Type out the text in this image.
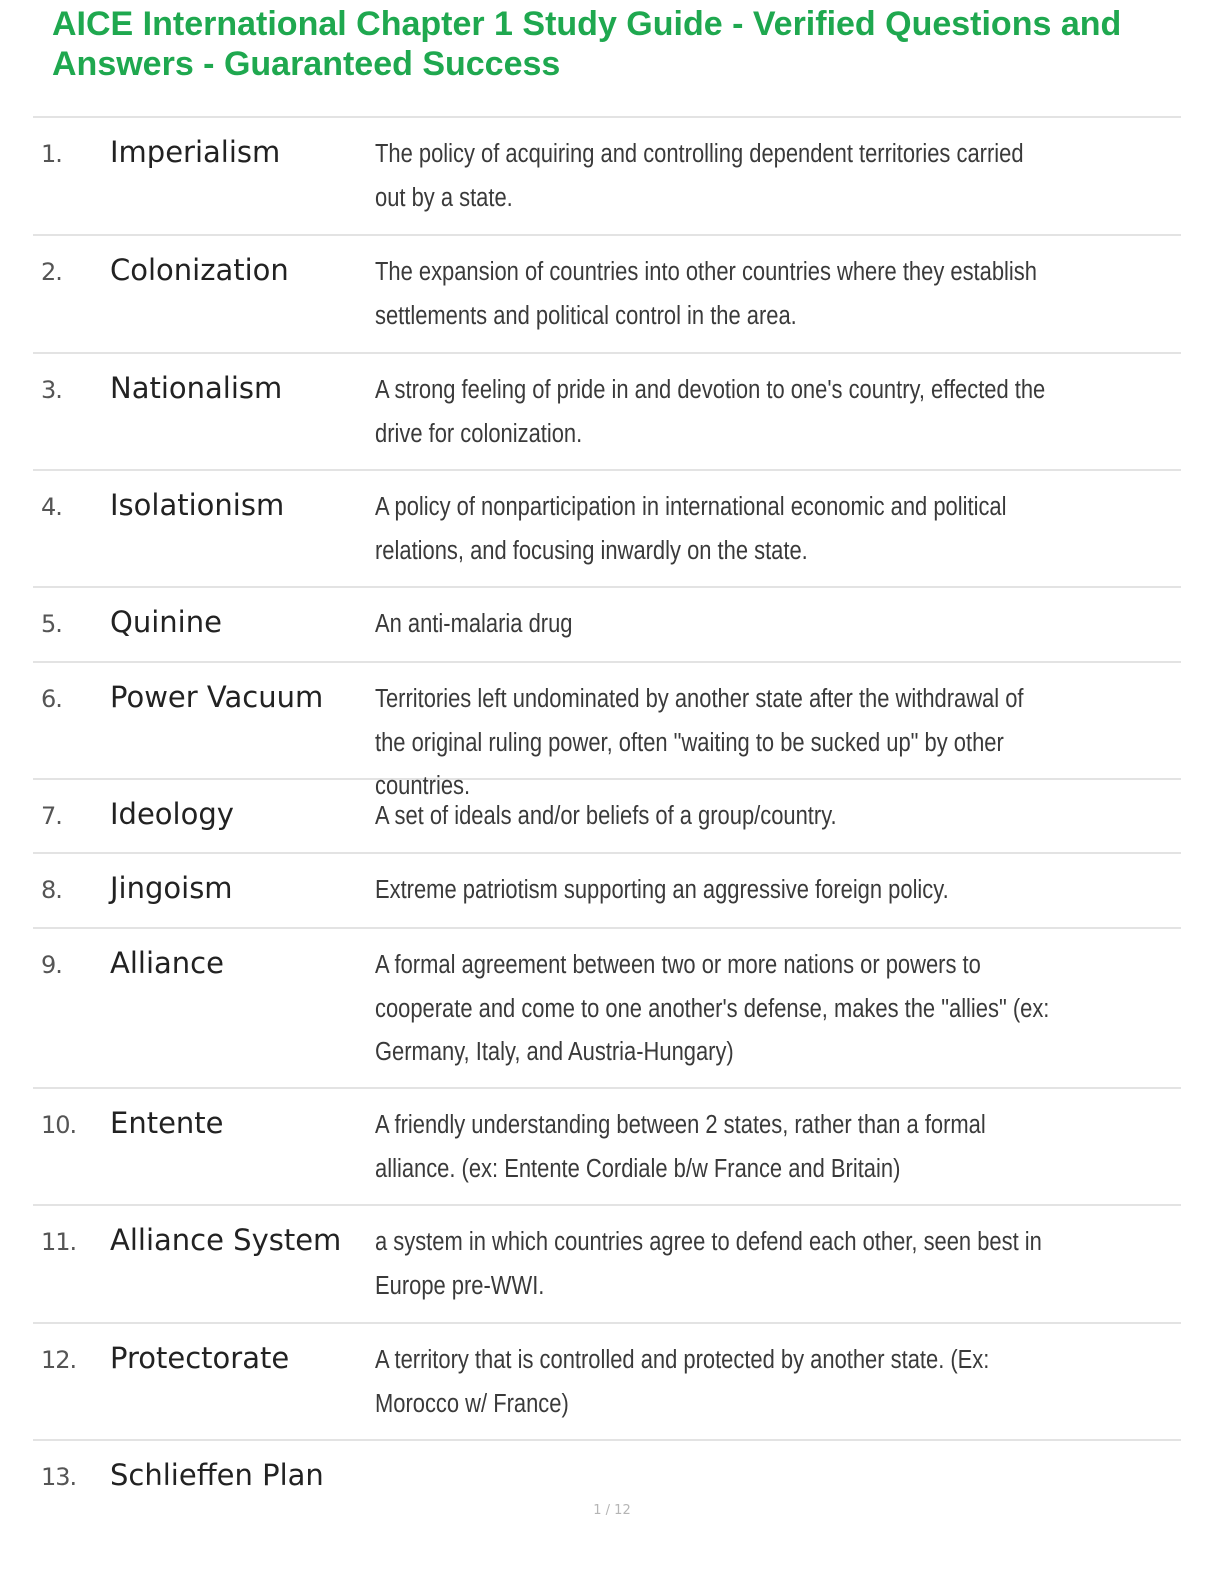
AICE International Chapter 1 Study Guide - Verified Questions and Answers - Guaranteed Success
1.	Imperialism	The policy of acquiring and controlling dependent territories carried out by a state.
2.	Colonization	The expansion of countries into other countries where they establish settlements and political control in the area.
3.	Nationalism	A strong feeling of pride in and devotion to one's country, effected the drive for colonization.
4.	Isolationism	A policy of nonparticipation in international economic and political relations, and focusing inwardly on the state.
5.	Quinine	An anti-malaria drug
6.	Power Vacuum	Territories left undominated by another state after the withdrawal of the original ruling power, often "waiting to be sucked up" by other countries.
7.	Ideology	A set of ideals and/or beliefs of a group/country.
8.	Jingoism	Extreme patriotism supporting an aggressive foreign policy.
9.	Alliance	A formal agreement between two or more nations or powers to cooperate and come to one another's defense, makes the "allies" (ex: Germany, Italy, and Austria-Hungary)
10.	Entente	A friendly understanding between 2 states, rather than a formal alliance. (ex: Entente Cordiale b/w France and Britain)
11.	Alliance System	a system in which countries agree to defend each other, seen best in Europe pre-WWI.
12.	Protectorate	A territory that is controlled and protected by another state. (Ex: Morocco w/ France)
13.	Schlieffen Plan
1 / 12
